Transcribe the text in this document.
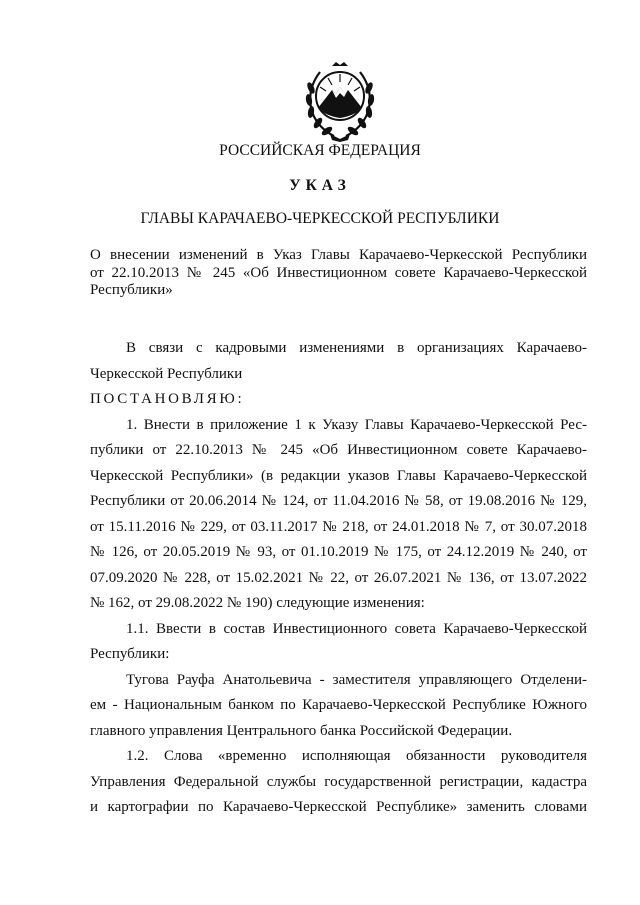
РОССИЙСКАЯ ФЕДЕРАЦИЯ
УКАЗ
ГЛАВЫ КАРАЧАЕВО-ЧЕРКЕССКОЙ РЕСПУБЛИКИ
О внесении изменений в Указ Главы Карачаево-Черкесской Республики
от 22.10.2013 № 245 «Об Инвестиционном совете Карачаево-Черкесской
Республики»
В связи с кадровыми изменениями в организациях Карачаево-
Черкесской Республики
ПОСТАНОВЛЯЮ:
1. Внести в приложение 1 к Указу Главы Карачаево-Черкесской Рес-
публики от 22.10.2013 № 245 «Об Инвестиционном совете Карачаево-
Черкесской Республики» (в редакции указов Главы Карачаево-Черкесской
Республики от 20.06.2014 № 124, от 11.04.2016 № 58, от 19.08.2016 № 129,
от 15.11.2016 № 229, от 03.11.2017 № 218, от 24.01.2018 № 7, от 30.07.2018
№ 126, от 20.05.2019 № 93, от 01.10.2019 № 175, от 24.12.2019 № 240, от
07.09.2020 № 228, от 15.02.2021 № 22, от 26.07.2021 № 136, от 13.07.2022
№ 162, от 29.08.2022 № 190) следующие изменения:
1.1. Ввести в состав Инвестиционного совета Карачаево-Черкесской
Республики:
Тугова Рауфа Анатольевича - заместителя управляющего Отделени-
ем - Национальным банком по Карачаево-Черкесской Республике Южного
главного управления Центрального банка Российской Федерации.
1.2. Слова «временно исполняющая обязанности руководителя
Управления Федеральной службы государственной регистрации, кадастра
и картографии по Карачаево-Черкесской Республике» заменить словами
